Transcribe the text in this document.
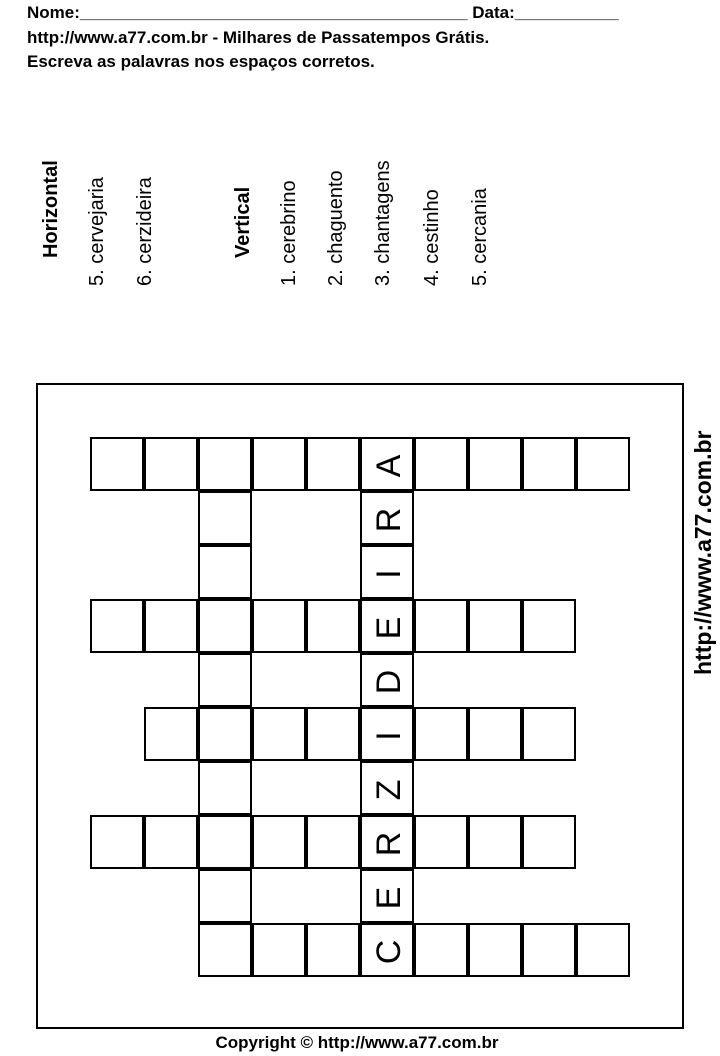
Nome:_________________________________________ Data:___________
http://www.a77.com.br - Milhares de Passatempos Grátis.
Escreva as palavras nos espaços corretos.
Horizontal 5. cervejaria 6. cerzideira	Vertical 1. cerebrino 2. chaguento 3. chantagens 4. cestinho 5. cercania
A
R
I
E
D
I
Z
R
E
C
http://www.a77.com.br
Copyright © http://www.a77.com.br
